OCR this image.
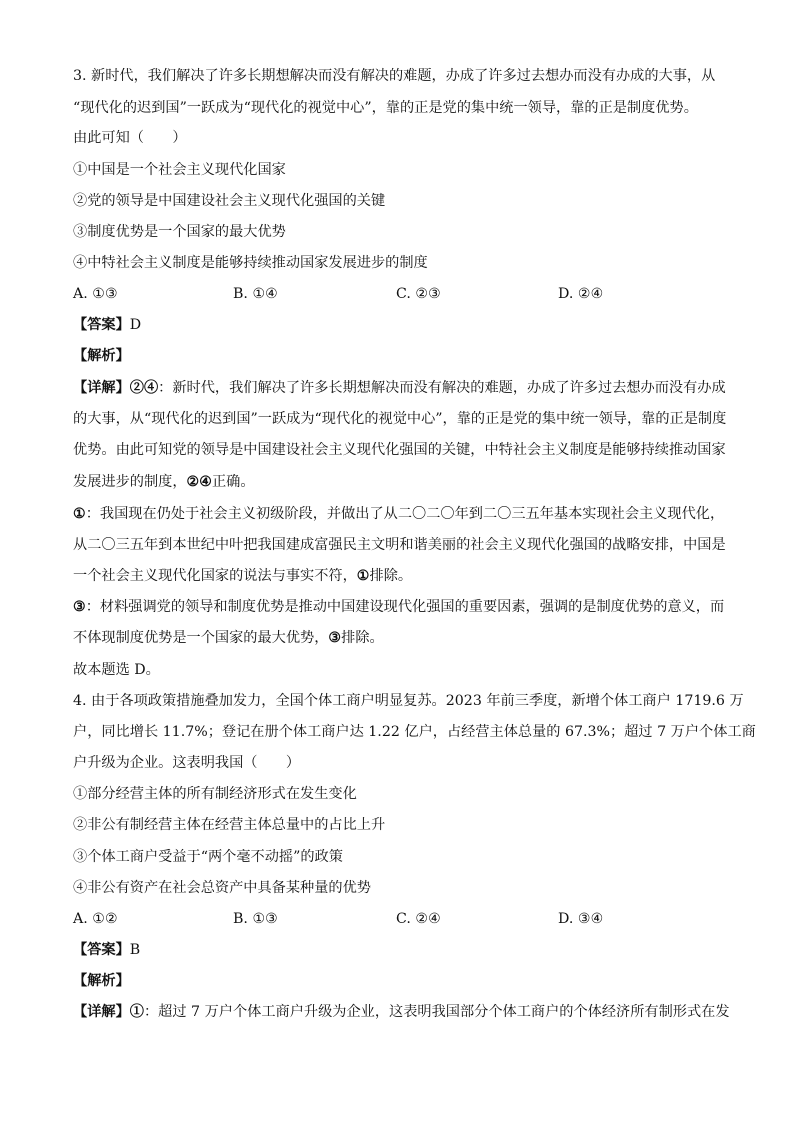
3. 新时代，我们解决了许多长期想解决而没有解决的难题，办成了许多过去想办而没有办成的大事，从
“现代化的迟到国”一跃成为“现代化的视觉中心”，靠的正是党的集中统一领导，靠的正是制度优势。
由此可知（　　）
①中国是一个社会主义现代化国家
②党的领导是中国建设社会主义现代化强国的关键
③制度优势是一个国家的最大优势
④中特社会主义制度是能够持续推动国家发展进步的制度
A. ①③	B. ①④	C. ②③	D. ②④
【答案】D
【解析】
【详解】②④：新时代，我们解决了许多长期想解决而没有解决的难题，办成了许多过去想办而没有办成
的大事，从“现代化的迟到国”一跃成为“现代化的视觉中心”，靠的正是党的集中统一领导，靠的正是制度
优势。由此可知党的领导是中国建设社会主义现代化强国的关键，中特社会主义制度是能够持续推动国家
发展进步的制度，②④正确。
①：我国现在仍处于社会主义初级阶段，并做出了从二〇二〇年到二〇三五年基本实现社会主义现代化，
从二〇三五年到本世纪中叶把我国建成富强民主文明和谐美丽的社会主义现代化强国的战略安排，中国是
一个社会主义现代化国家的说法与事实不符，①排除。
③：材料强调党的领导和制度优势是推动中国建设现代化强国的重要因素，强调的是制度优势的意义，而
不体现制度优势是一个国家的最大优势，③排除。
故本题选 D。
4. 由于各项政策措施叠加发力，全国个体工商户明显复苏。2023 年前三季度，新增个体工商户 1719.6 万
户，同比增长 11.7%；登记在册个体工商户达 1.22 亿户，占经营主体总量的 67.3%；超过 7 万户个体工商
户升级为企业。这表明我国（　　）
①部分经营主体的所有制经济形式在发生变化
②非公有制经营主体在经营主体总量中的占比上升
③个体工商户受益于“两个毫不动摇”的政策
④非公有资产在社会总资产中具备某种量的优势
A. ①②	B. ①③	C. ②④	D. ③④
【答案】B
【解析】
【详解】①：超过 7 万户个体工商户升级为企业，这表明我国部分个体工商户的个体经济所有制形式在发
